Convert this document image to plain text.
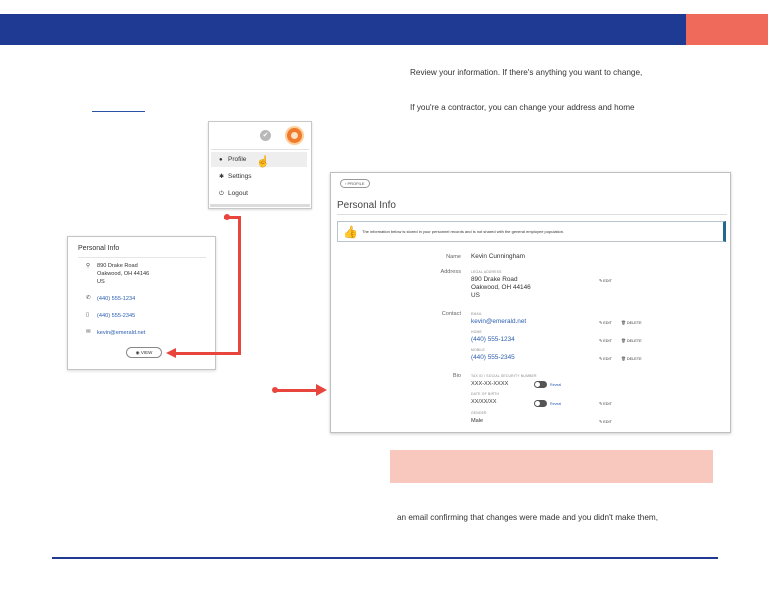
Review your information. If there's anything you want to change,
If you're a contractor, you can change your address and home
✔
● Profile
✱ Settings
⏻ Logout
☝
Personal Info
⚲	890 Drake Road
Oakwood, OH 44146
US
✆	(440) 555-1234
▯	(440) 555-2345
✉	kevin@emerald.net
◉ VIEW
‹ PROFILE
Personal Info
👍 The information below is stored in your personnel records and is not shared with the general employee population.
Name Kevin Cunningham
Address	LEGAL ADDRESS
890 Drake Road
Oakwood, OH 44146
US
✎ EDIT
Contact	EMAIL
kevin@emerald.net	✎ EDIT 🗑 DELETE
HOME
(440) 555-1234	✎ EDIT 🗑 DELETE
MOBILE
(440) 555-2345	✎ EDIT 🗑 DELETE
Bio	TAX ID / SOCIAL SECURITY NUMBER
XXX-XX-XXXX	Reveal
DATE OF BIRTH
XX/XX/XX	Reveal	✎ EDIT
GENDER
Male	✎ EDIT
an email confirming that changes were made and you didn't make them,
